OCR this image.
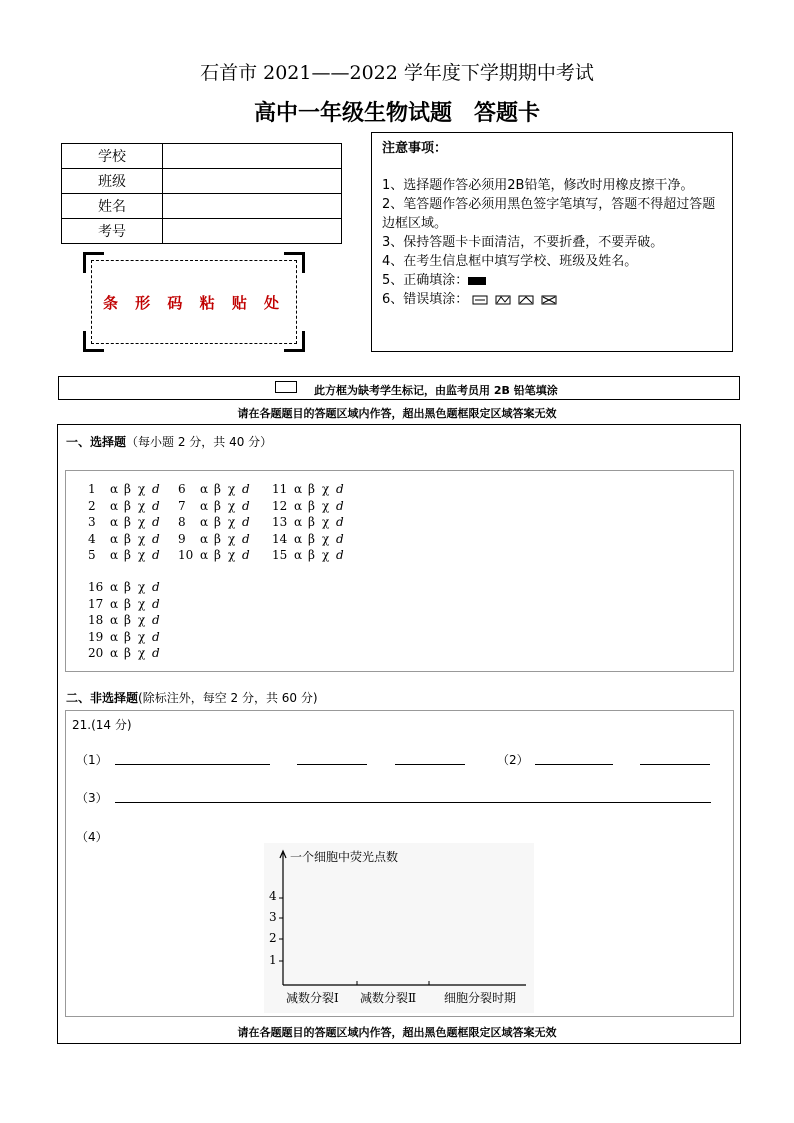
石首市 2021——2022 学年度下学期期中考试
高中一年级生物试题　答题卡
学校	
班级	
姓名	
考号	
条 形 码 粘 贴 处
注意事项：
1、选择题作答必须用2B铅笔，修改时用橡皮擦干净。
2、笔答题作答必须用黑色签字笔填写，答题不得超过答题边框区域。
3、保持答题卡卡面清洁，不要折叠，不要弄破。
4、在考生信息框中填写学校、班级及姓名。
5、正确填涂：
6、错误填涂：
此方框为缺考学生标记，由监考员用 2B 铅笔填涂
请在各题题目的答题区域内作答，超出黑色题框限定区域答案无效
一、选择题（每小题 2 分，共 40 分）
1 α β χ d
2 α β χ d
3 α β χ d
4 α β χ d
5 α β χ d
6 α β χ d
7 α β χ d
8 α β χ d
9 α β χ d
10 α β χ d
11 α β χ d
12 α β χ d
13 α β χ d
14 α β χ d
15 α β χ d
16 α β χ d
17 α β χ d
18 α β χ d
19 α β χ d
20 α β χ d
二、非选择题(除标注外，每空 2 分，共 60 分)
21.(14 分)
（1）	（2）
（3）
（4）
一个细胞中荧光点数
4
3
2
1
减数分裂Ⅰ 减数分裂Ⅱ 细胞分裂时期
请在各题题目的答题区域内作答，超出黑色题框限定区域答案无效
